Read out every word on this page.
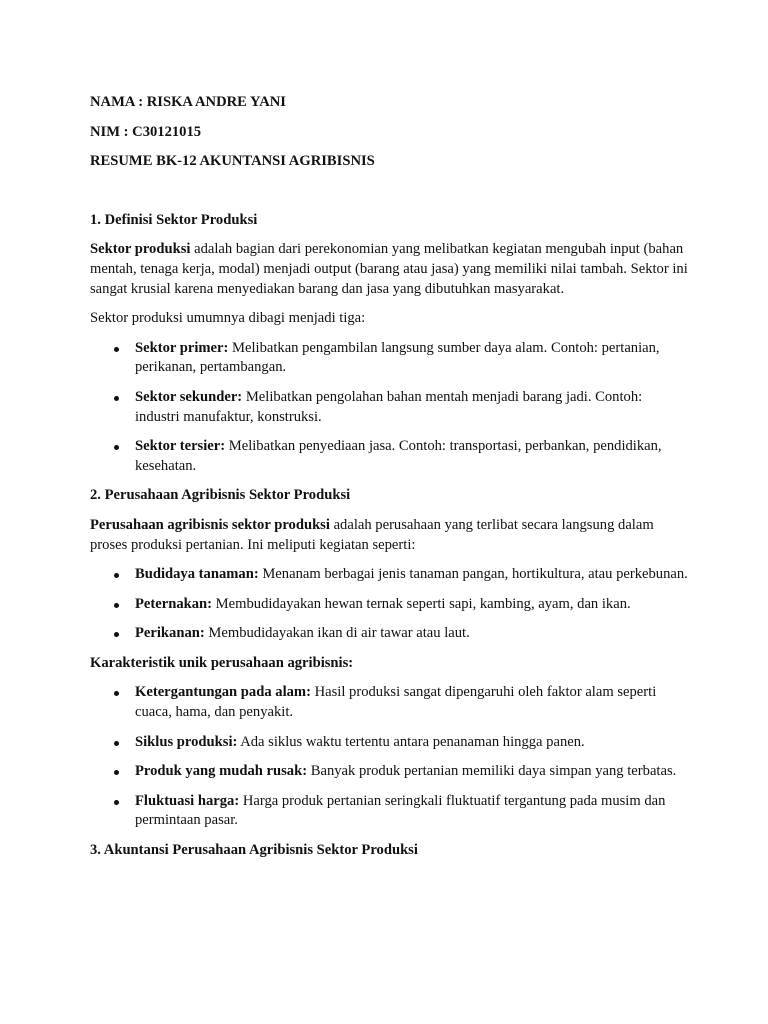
NAMA : RISKA ANDRE YANI
NIM : C30121015
RESUME BK-12 AKUNTANSI AGRIBISNIS
1. Definisi Sektor Produksi

Sektor produksi adalah bagian dari perekonomian yang melibatkan kegiatan mengubah input (bahan mentah, tenaga kerja, modal) menjadi output (barang atau jasa) yang memiliki nilai tambah. Sektor ini sangat krusial karena menyediakan barang dan jasa yang dibutuhkan masyarakat.

Sektor produksi umumnya dibagi menjadi tiga:

Sektor primer: Melibatkan pengambilan langsung sumber daya alam. Contoh: pertanian, perikanan, pertambangan.
Sektor sekunder: Melibatkan pengolahan bahan mentah menjadi barang jadi. Contoh: industri manufaktur, konstruksi.
Sektor tersier: Melibatkan penyediaan jasa. Contoh: transportasi, perbankan, pendidikan, kesehatan.
2. Perusahaan Agribisnis Sektor Produksi

Perusahaan agribisnis sektor produksi adalah perusahaan yang terlibat secara langsung dalam proses produksi pertanian. Ini meliputi kegiatan seperti:

Budidaya tanaman: Menanam berbagai jenis tanaman pangan, hortikultura, atau perkebunan.
Peternakan: Membudidayakan hewan ternak seperti sapi, kambing, ayam, dan ikan.
Perikanan: Membudidayakan ikan di air tawar atau laut.

Karakteristik unik perusahaan agribisnis:

Ketergantungan pada alam: Hasil produksi sangat dipengaruhi oleh faktor alam seperti cuaca, hama, dan penyakit.
Siklus produksi: Ada siklus waktu tertentu antara penanaman hingga panen.
Produk yang mudah rusak: Banyak produk pertanian memiliki daya simpan yang terbatas.
Fluktuasi harga: Harga produk pertanian seringkali fluktuatif tergantung pada musim dan permintaan pasar.
3. Akuntansi Perusahaan Agribisnis Sektor Produksi
